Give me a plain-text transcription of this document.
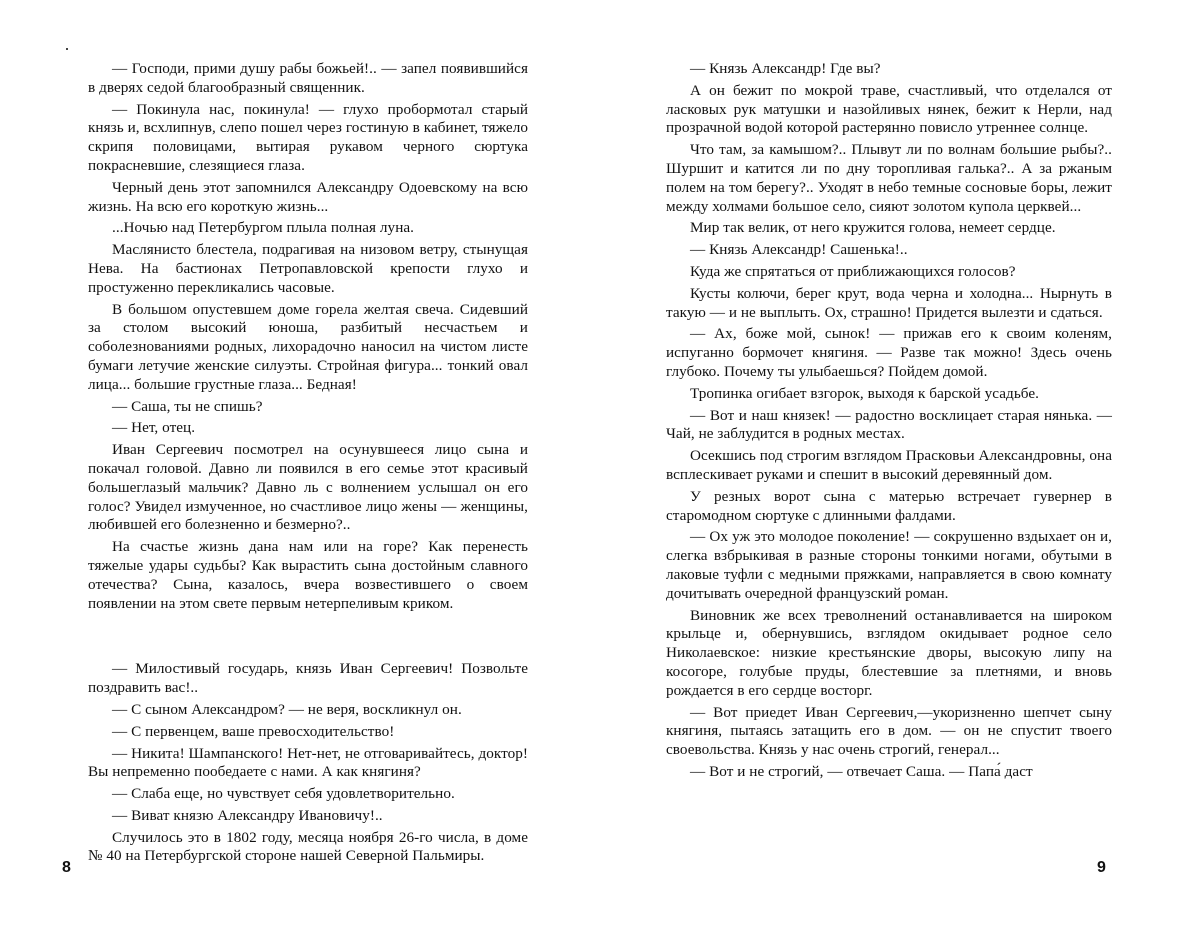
— Господи, прими душу рабы божьей!.. — запел появившийся в дверях седой благообразный священник.

— Покинула нас, покинула! — глухо пробормотал старый князь и, всхлипнув, слепо пошел через гостиную в кабинет, тяжело скрипя половицами, вытирая рукавом черного сюртука покрасневшие, слезящиеся глаза.

Черный день этот запомнился Александру Одоевскому на всю жизнь. На всю его короткую жизнь...

...Ночью над Петербургом плыла полная луна.

Маслянисто блестела, подрагивая на низовом ветру, стынущая Нева. На бастионах Петропавловской крепости глухо и простуженно перекликались часовые.

В большом опустевшем доме горела желтая свеча. Сидевший за столом высокий юноша, разбитый несчастьем и соболезнованиями родных, лихорадочно наносил на чистом листе бумаги летучие женские силуэты. Стройная фигура... тонкий овал лица... большие грустные глаза... Бедная!

— Саша, ты не спишь?

— Нет, отец.

Иван Сергеевич посмотрел на осунувшееся лицо сына и покачал головой. Давно ли появился в его семье этот красивый большеглазый мальчик? Давно ль с волнением услышал он его голос? Увидел измученное, но счастливое лицо жены — женщины, любившей его болезненно и безмерно?..

На счастье жизнь дана нам или на горе? Как перенесть тяжелые удары судьбы? Как вырастить сына достойным славного отечества? Сына, казалось, вчера возвестившего о своем появлении на этом свете первым нетерпеливым криком.

— Милостивый государь, князь Иван Сергеевич! Позвольте поздравить вас!..

— С сыном Александром? — не веря, воскликнул он.

— С первенцем, ваше превосходительство!

— Никита! Шампанского! Нет-нет, не отговаривайтесь, доктор! Вы непременно пообедаете с нами. А как княгиня?

— Слаба еще, но чувствует себя удовлетворительно.

— Виват князю Александру Ивановичу!..

Случилось это в 1802 году, месяца ноября 26-го числа, в доме № 40 на Петербургской стороне нашей Северной Пальмиры.

8

— Князь Александр! Где вы?

А он бежит по мокрой траве, счастливый, что отделался от ласковых рук матушки и назойливых нянек, бежит к Нерли, над прозрачной водой которой растерянно повисло утреннее солнце.

Что там, за камышом?.. Плывут ли по волнам большие рыбы?.. Шуршит и катится ли по дну торопливая галька?.. А за ржаным полем на том берегу?.. Уходят в небо темные сосновые боры, лежит между холмами большое село, сияют золотом купола церквей...

Мир так велик, от него кружится голова, немеет сердце.

— Князь Александр! Сашенька!..

Куда же спрятаться от приближающихся голосов?

Кусты колючи, берег крут, вода черна и холодна... Нырнуть в такую — и не выплыть. Ох, страшно! Придется вылезти и сдаться.

— Ах, боже мой, сынок! — прижав его к своим коленям, испуганно бормочет княгиня. — Разве так можно! Здесь очень глубоко. Почему ты улыбаешься? Пойдем домой.

Тропинка огибает взгорок, выходя к барской усадьбе.

— Вот и наш князек! — радостно восклицает старая нянька. — Чай, не заблудится в родных местах.

Осекшись под строгим взглядом Прасковьи Александровны, она всплескивает руками и спешит в высокий деревянный дом.

У резных ворот сына с матерью встречает гувернер в старомодном сюртуке с длинными фалдами.

— Ох уж это молодое поколение! — сокрушенно вздыхает он и, слегка взбрыкивая в разные стороны тонкими ногами, обутыми в лаковые туфли с медными пряжками, направляется в свою комнату дочитывать очередной французский роман.

Виновник же всех треволнений останавливается на широком крыльце и, обернувшись, взглядом окидывает родное село Николаевское: низкие крестьянские дворы, высокую липу на косогоре, голубые пруды, блестевшие за плетнями, и вновь рождается в его сердце восторг.

— Вот приедет Иван Сергеевич,—укоризненно шепчет сыну княгиня, пытаясь затащить его в дом. — он не спустит твоего своевольства. Князь у нас очень строгий, генерал...

— Вот и не строгий, — отвечает Саша. — Папа́ даст

9
